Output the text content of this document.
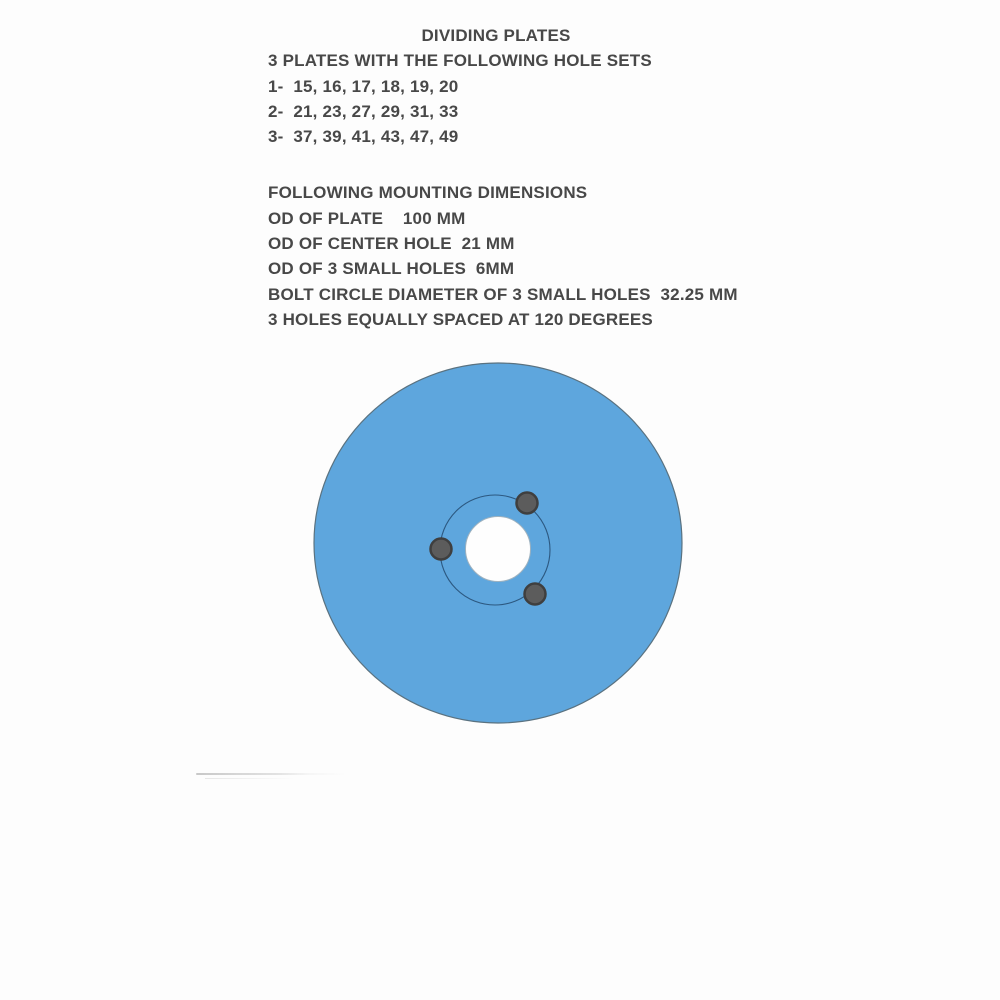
DIVIDING PLATES
3 PLATES WITH THE FOLLOWING HOLE SETS
1-  15, 16, 17, 18, 19, 20
2-  21, 23, 27, 29, 31, 33
3-  37, 39, 41, 43, 47, 49
FOLLOWING MOUNTING DIMENSIONS
OD OF PLATE    100 MM
OD OF CENTER HOLE  21 MM
OD OF 3 SMALL HOLES  6MM
BOLT CIRCLE DIAMETER OF 3 SMALL HOLES  32.25 MM
3 HOLES EQUALLY SPACED AT 120 DEGREES
